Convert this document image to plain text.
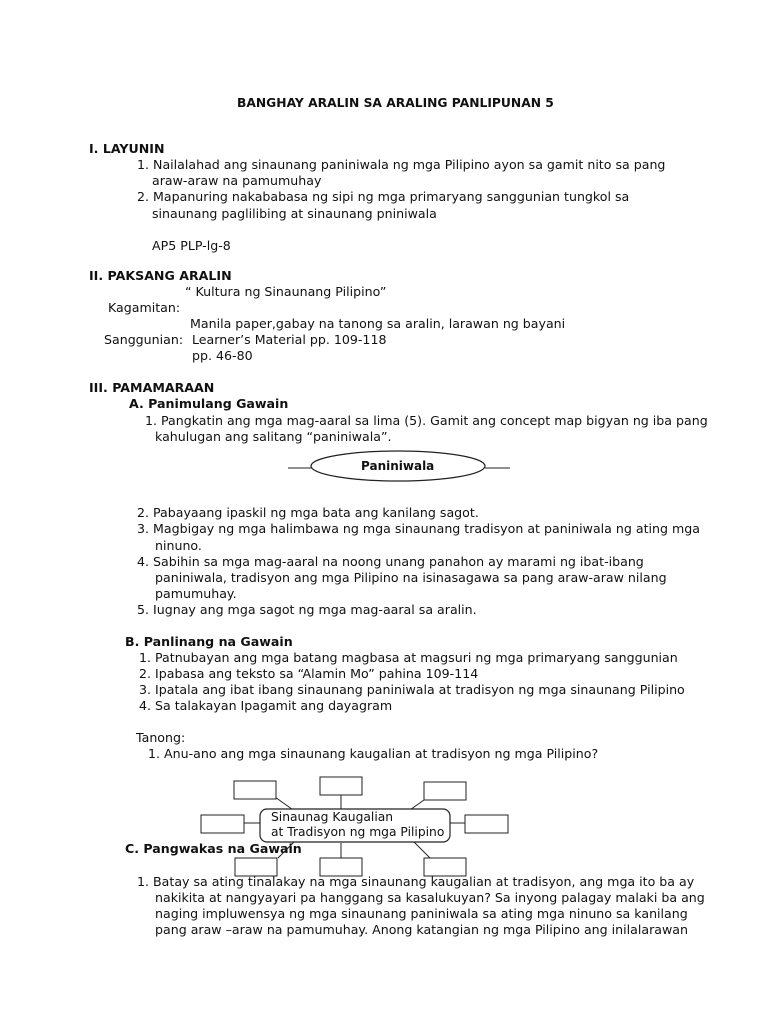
BANGHAY ARALIN SA ARALING PANLIPUNAN 5
I. LAYUNIN
1. Nailalahad ang sinaunang paniniwala ng mga Pilipino ayon sa gamit nito sa pang
araw-araw na pamumuhay
2. Mapanuring nakababasa ng sipi ng mga primaryang sanggunian tungkol sa
sinaunang paglilibing at sinaunang pniniwala
AP5 PLP-lg-8
II. PAKSANG ARALIN
“ Kultura ng Sinaunang Pilipino”
Kagamitan:
Manila paper,gabay na tanong sa aralin, larawan ng bayani
Sanggunian: Learner’s Material pp. 109-118
pp. 46-80
III. PAMAMARAAN
A. Panimulang Gawain
1. Pangkatin ang mga mag-aaral sa lima (5). Gamit ang concept map bigyan ng iba pang
kahulugan ang salitang “paniniwala”.
Paniniwala
2. Pabayaang ipaskil ng mga bata ang kanilang sagot.
3. Magbigay ng mga halimbawa ng mga sinaunang tradisyon at paniniwala ng ating mga
ninuno.
4. Sabihin sa mga mag-aaral na noong unang panahon ay marami ng ibat-ibang
paniniwala, tradisyon ang mga Pilipino na isinasagawa sa pang araw-araw nilang
pamumuhay.
5. Iugnay ang mga sagot ng mga mag-aaral sa aralin.
B. Panlinang na Gawain
1. Patnubayan ang mga batang magbasa at magsuri ng mga primaryang sanggunian
2. Ipabasa ang teksto sa “Alamin Mo” pahina 109-114
3. Ipatala ang ibat ibang sinaunang paniniwala at tradisyon ng mga sinaunang Pilipino
4. Sa talakayan Ipagamit ang dayagram
Tanong:
1. Anu-ano ang mga sinaunang kaugalian at tradisyon ng mga Pilipino?
Sinaunag Kaugalian
at Tradisyon ng mga Pilipino
C. Pangwakas na Gawain
1. Batay sa ating tinalakay na mga sinaunang kaugalian at tradisyon, ang mga ito ba ay
nakikita at nangyayari pa hanggang sa kasalukuyan? Sa inyong palagay malaki ba ang
naging impluwensya ng mga sinaunang paniniwala sa ating mga ninuno sa kanilang
pang araw –araw na pamumuhay. Anong katangian ng mga Pilipino ang inilalarawan
